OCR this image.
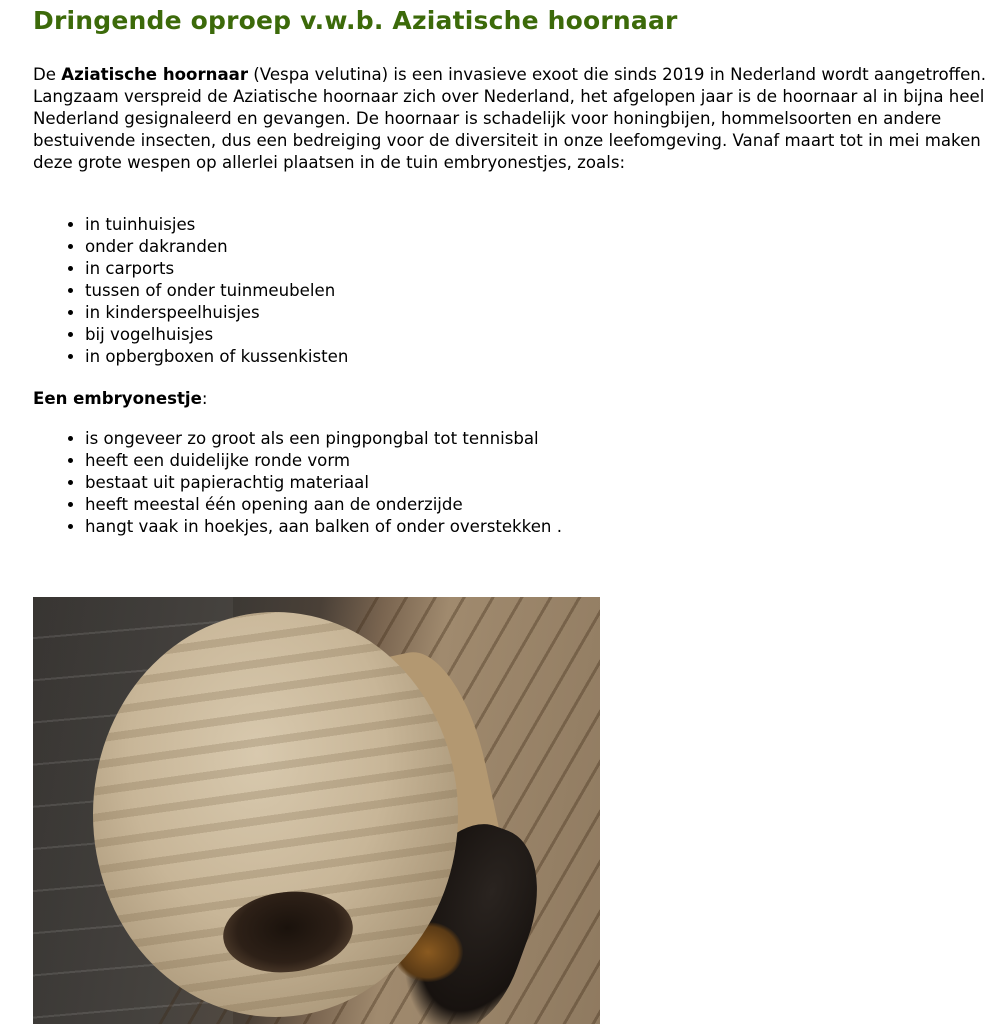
Dringende oproep v.w.b. Aziatische hoornaar

De Aziatische hoornaar (Vespa velutina) is een invasieve exoot die sinds 2019 in Nederland wordt aangetroffen. Langzaam verspreid de Aziatische hoornaar zich over Nederland, het afgelopen jaar is de hoornaar al in bijna heel Nederland gesignaleerd en gevangen. De hoornaar is schadelijk voor honingbijen, hommelsoorten en andere bestuivende insecten, dus een bedreiging voor de diversiteit in onze leefomgeving. Vanaf maart tot in mei maken deze grote wespen op allerlei plaatsen in de tuin embryonestjes, zoals:

• in tuinhuisjes
• onder dakranden
• in carports
• tussen of onder tuinmeubelen
• in kinderspeelhuisjes
• bij vogelhuisjes
• in opbergboxen of kussenkisten

Een embryonestje:

• is ongeveer zo groot als een pingpongbal tot tennisbal
• heeft een duidelijke ronde vorm
• bestaat uit papierachtig materiaal
• heeft meestal één opening aan de onderzijde
• hangt vaak in hoekjes, aan balken of onder overstekken .
